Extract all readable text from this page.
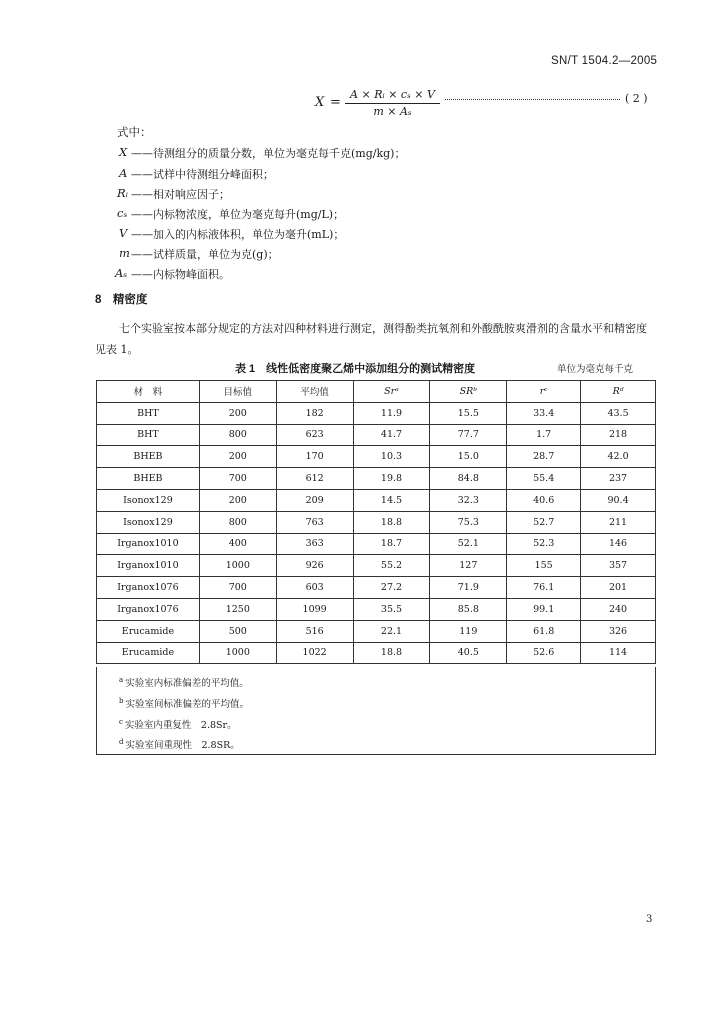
SN/T 1504.2—2005
X =
A × Rᵢ × cₛ × V
m × Aₛ
( 2 )
式中：
X ——待测组分的质量分数，单位为毫克每千克(mg/kg)；
A ——试样中待测组分峰面积；
Rᵢ ——相对响应因子；
cₛ ——内标物浓度，单位为毫克每升(mg/L)；
V ——加入的内标液体积，单位为毫升(mL)；
m ——试样质量，单位为克(g)；
Aₛ ——内标物峰面积。
8　精密度
七个实验室按本部分规定的方法对四种材料进行测定，测得酚类抗氧剂和外酸酰胺爽滑剂的含量水平和精密度见表 1。
表 1　线性低密度聚乙烯中添加组分的测试精密度	单位为毫克每千克
材　料	目标值	平均值	Srᵃ	SRᵇ	rᶜ	Rᵈ
BHT	200	182	11.9	15.5	33.4	43.5
BHT	800	623	41.7	77.7	1.7	218
BHEB	200	170	10.3	15.0	28.7	42.0
BHEB	700	612	19.8	84.8	55.4	237
Isonox129	200	209	14.5	32.3	40.6	90.4
Isonox129	800	763	18.8	75.3	52.7	211
Irganox1010	400	363	18.7	52.1	52.3	146
Irganox1010	1000	926	55.2	127	155	357
Irganox1076	700	603	27.2	71.9	76.1	201
Irganox1076	1250	1099	35.5	85.8	99.1	240
Erucamide	500	516	22.1	119	61.8	326
Erucamide	1000	1022	18.8	40.5	52.6	114
$^a$ 实验室内标准偏差的平均值。
$^b$ 实验室间标准偏差的平均值。
$^c$ 实验室内重复性　2.8Sr。
$^d$ 实验室间重现性　2.8SR。
3
